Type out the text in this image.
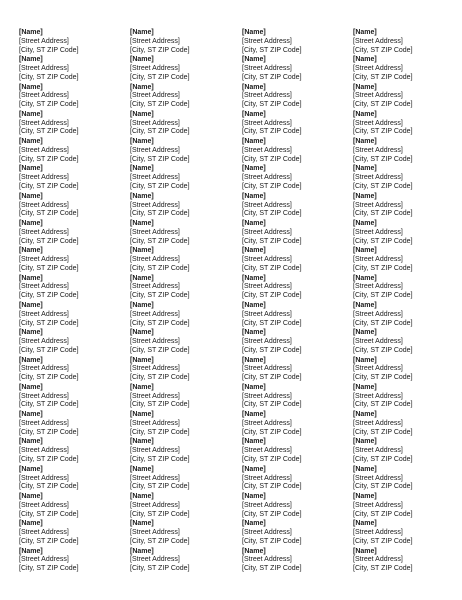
[Name]
[Street Address]
[City, ST ZIP Code]
[Name]
[Street Address]
[City, ST ZIP Code]
[Name]
[Street Address]
[City, ST ZIP Code]
[Name]
[Street Address]
[City, ST ZIP Code]
[Name]
[Street Address]
[City, ST ZIP Code]
[Name]
[Street Address]
[City, ST ZIP Code]
[Name]
[Street Address]
[City, ST ZIP Code]
[Name]
[Street Address]
[City, ST ZIP Code]
[Name]
[Street Address]
[City, ST ZIP Code]
[Name]
[Street Address]
[City, ST ZIP Code]
[Name]
[Street Address]
[City, ST ZIP Code]
[Name]
[Street Address]
[City, ST ZIP Code]
[Name]
[Street Address]
[City, ST ZIP Code]
[Name]
[Street Address]
[City, ST ZIP Code]
[Name]
[Street Address]
[City, ST ZIP Code]
[Name]
[Street Address]
[City, ST ZIP Code]
[Name]
[Street Address]
[City, ST ZIP Code]
[Name]
[Street Address]
[City, ST ZIP Code]
[Name]
[Street Address]
[City, ST ZIP Code]
[Name]
[Street Address]
[City, ST ZIP Code]
[Name]
[Street Address]
[City, ST ZIP Code]
[Name]
[Street Address]
[City, ST ZIP Code]
[Name]
[Street Address]
[City, ST ZIP Code]
[Name]
[Street Address]
[City, ST ZIP Code]
[Name]
[Street Address]
[City, ST ZIP Code]
[Name]
[Street Address]
[City, ST ZIP Code]
[Name]
[Street Address]
[City, ST ZIP Code]
[Name]
[Street Address]
[City, ST ZIP Code]
[Name]
[Street Address]
[City, ST ZIP Code]
[Name]
[Street Address]
[City, ST ZIP Code]
[Name]
[Street Address]
[City, ST ZIP Code]
[Name]
[Street Address]
[City, ST ZIP Code]
[Name]
[Street Address]
[City, ST ZIP Code]
[Name]
[Street Address]
[City, ST ZIP Code]
[Name]
[Street Address]
[City, ST ZIP Code]
[Name]
[Street Address]
[City, ST ZIP Code]
[Name]
[Street Address]
[City, ST ZIP Code]
[Name]
[Street Address]
[City, ST ZIP Code]
[Name]
[Street Address]
[City, ST ZIP Code]
[Name]
[Street Address]
[City, ST ZIP Code]
[Name]
[Street Address]
[City, ST ZIP Code]
[Name]
[Street Address]
[City, ST ZIP Code]
[Name]
[Street Address]
[City, ST ZIP Code]
[Name]
[Street Address]
[City, ST ZIP Code]
[Name]
[Street Address]
[City, ST ZIP Code]
[Name]
[Street Address]
[City, ST ZIP Code]
[Name]
[Street Address]
[City, ST ZIP Code]
[Name]
[Street Address]
[City, ST ZIP Code]
[Name]
[Street Address]
[City, ST ZIP Code]
[Name]
[Street Address]
[City, ST ZIP Code]
[Name]
[Street Address]
[City, ST ZIP Code]
[Name]
[Street Address]
[City, ST ZIP Code]
[Name]
[Street Address]
[City, ST ZIP Code]
[Name]
[Street Address]
[City, ST ZIP Code]
[Name]
[Street Address]
[City, ST ZIP Code]
[Name]
[Street Address]
[City, ST ZIP Code]
[Name]
[Street Address]
[City, ST ZIP Code]
[Name]
[Street Address]
[City, ST ZIP Code]
[Name]
[Street Address]
[City, ST ZIP Code]
[Name]
[Street Address]
[City, ST ZIP Code]
[Name]
[Street Address]
[City, ST ZIP Code]
[Name]
[Street Address]
[City, ST ZIP Code]
[Name]
[Street Address]
[City, ST ZIP Code]
[Name]
[Street Address]
[City, ST ZIP Code]
[Name]
[Street Address]
[City, ST ZIP Code]
[Name]
[Street Address]
[City, ST ZIP Code]
[Name]
[Street Address]
[City, ST ZIP Code]
[Name]
[Street Address]
[City, ST ZIP Code]
[Name]
[Street Address]
[City, ST ZIP Code]
[Name]
[Street Address]
[City, ST ZIP Code]
[Name]
[Street Address]
[City, ST ZIP Code]
[Name]
[Street Address]
[City, ST ZIP Code]
[Name]
[Street Address]
[City, ST ZIP Code]
[Name]
[Street Address]
[City, ST ZIP Code]
[Name]
[Street Address]
[City, ST ZIP Code]
[Name]
[Street Address]
[City, ST ZIP Code]
[Name]
[Street Address]
[City, ST ZIP Code]
[Name]
[Street Address]
[City, ST ZIP Code]
[Name]
[Street Address]
[City, ST ZIP Code]
[Name]
[Street Address]
[City, ST ZIP Code]
